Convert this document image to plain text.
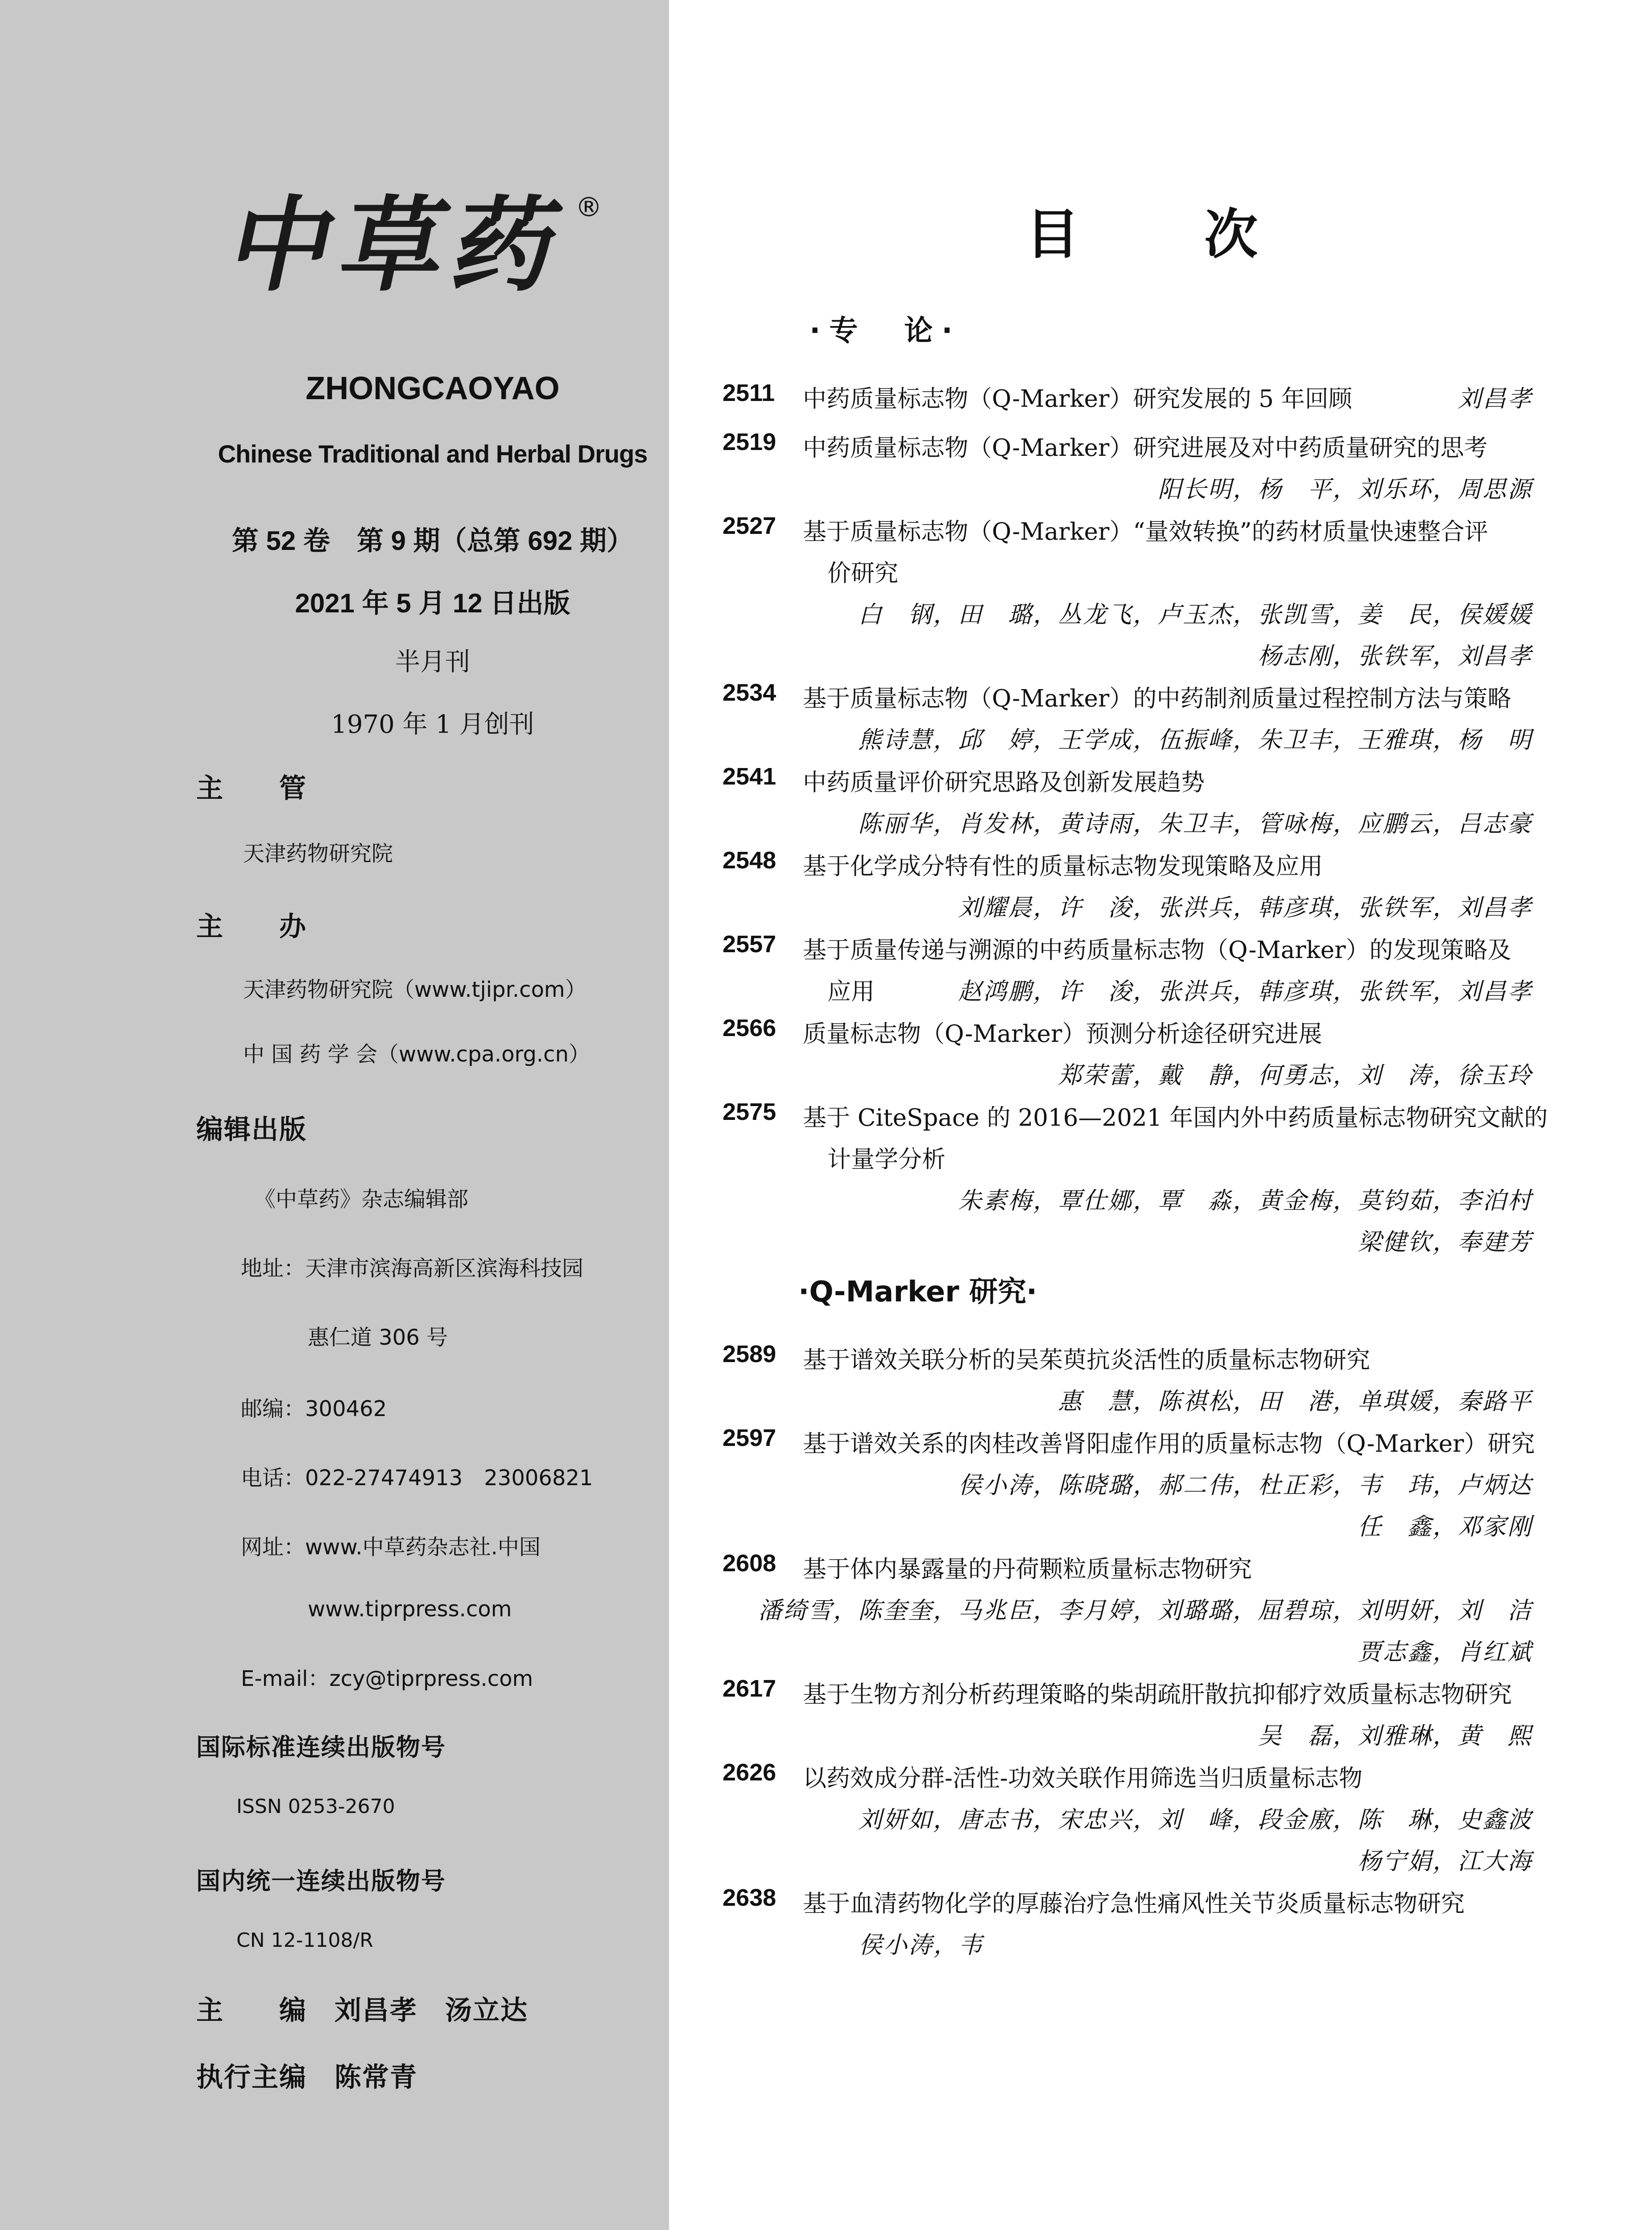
中草药
®
ZHONGCAOYAO
Chinese Traditional and Herbal Drugs
第 52 卷　第 9 期（总第 692 期）
2021 年 5 月 12 日出版
半月刊
1970 年 1 月创刊
主　　管
天津药物研究院
主　　办
天津药物研究院（www.tjipr.com）
中 国 药 学 会（www.cpa.org.cn）
编辑出版
《中草药》杂志编辑部
地址：天津市滨海高新区滨海科技园
惠仁道 306 号
邮编：300462
电话：022-27474913　23006821
网址：www.中草药杂志社.中国
www.tiprpress.com
E-mail：zcy@tiprpress.com
国际标准连续出版物号
ISSN 0253-2670
国内统一连续出版物号
CN 12-1108/R
主　　编　刘昌孝　汤立达
执行主编　陈常青
目次
·专　论·
·Q-Marker 研究·
2511 中药质量标志物（Q-Marker）研究发展的 5 年回顾	刘昌孝
2519 中药质量标志物（Q-Marker）研究进展及对中药质量研究的思考
阳长明，杨　平，刘乐环，周思源
2527 基于质量标志物（Q-Marker）“量效转换”的药材质量快速整合评
价研究
白　钢，田　璐，丛龙飞，卢玉杰，张凯雪，姜　民，侯媛媛
杨志刚，张铁军，刘昌孝
2534 基于质量标志物（Q-Marker）的中药制剂质量过程控制方法与策略
熊诗慧，邱　婷，王学成，伍振峰，朱卫丰，王雅琪，杨　明
2541 中药质量评价研究思路及创新发展趋势
陈丽华，肖发林，黄诗雨，朱卫丰，管咏梅，应鹏云，吕志豪
2548 基于化学成分特有性的质量标志物发现策略及应用
刘耀晨，许　浚，张洪兵，韩彦琪，张铁军，刘昌孝
2557 基于质量传递与溯源的中药质量标志物（Q-Marker）的发现策略及
应用	赵鸿鹏，许　浚，张洪兵，韩彦琪，张铁军，刘昌孝
2566 质量标志物（Q-Marker）预测分析途径研究进展
郑荣蕾，戴　静，何勇志，刘　涛，徐玉玲
2575 基于 CiteSpace 的 2016—2021 年国内外中药质量标志物研究文献的
计量学分析
朱素梅，覃仕娜，覃　淼，黄金梅，莫钧茹，李泊村
梁健钦，奉建芳
2589 基于谱效关联分析的吴茱萸抗炎活性的质量标志物研究
惠　慧，陈祺松，田　港，单琪媛，秦路平
2597 基于谱效关系的肉桂改善肾阳虚作用的质量标志物（Q-Marker）研究
侯小涛，陈晓璐，郝二伟，杜正彩，韦　玮，卢炳达
任　鑫，邓家刚
2608 基于体内暴露量的丹荷颗粒质量标志物研究
潘绮雪，陈奎奎，马兆臣，李月婷，刘璐璐，屈碧琼，刘明妍，刘　洁
贾志鑫，肖红斌
2617 基于生物方剂分析药理策略的柴胡疏肝散抗抑郁疗效质量标志物研究
吴　磊，刘雅琳，黄　熙
2626 以药效成分群-活性-功效关联作用筛选当归质量标志物
刘妍如，唐志书，宋忠兴，刘　峰，段金廒，陈　琳，史鑫波
杨宁娟，江大海
2638 基于血清药物化学的厚藤治疗急性痛风性关节炎质量标志物研究
侯小涛，韦
